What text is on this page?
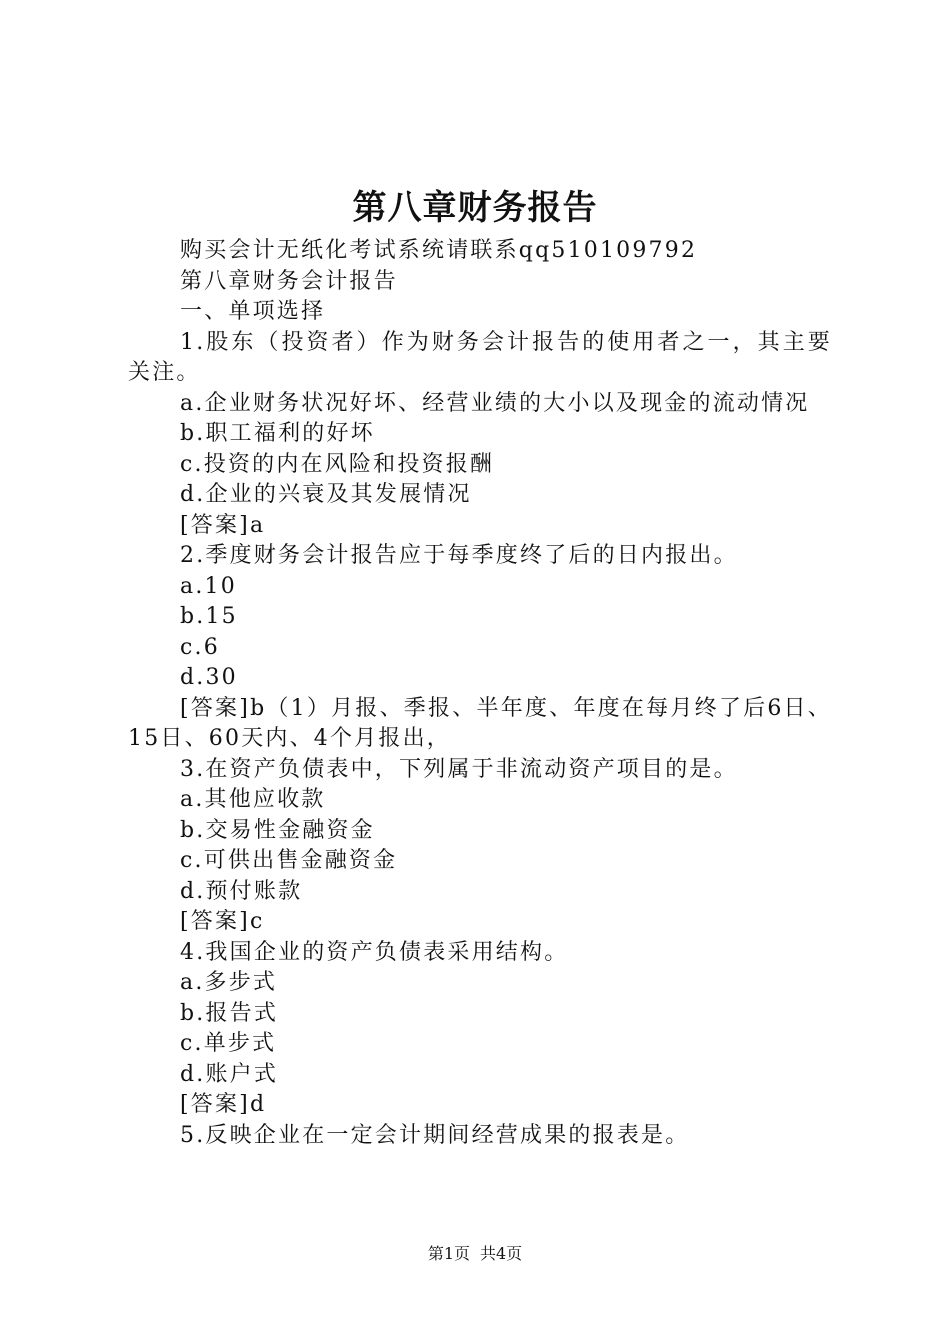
第八章财务报告

购买会计无纸化考试系统请联系qq510109792

第八章财务会计报告

一、单项选择

1.股东（投资者）作为财务会计报告的使用者之一，其主要关注。

a.企业财务状况好坏、经营业绩的大小以及现金的流动情况

b.职工福利的好坏

c.投资的内在风险和投资报酬

d.企业的兴衰及其发展情况

[答案]a

2.季度财务会计报告应于每季度终了后的日内报出。

a.10

b.15

c.6

d.30

[答案]b（1）月报、季报、半年度、年度在每月终了后6日、15日、60天内、4个月报出，

3.在资产负债表中，下列属于非流动资产项目的是。

a.其他应收款

b.交易性金融资金

c.可供出售金融资金

d.预付账款

[答案]c

4.我国企业的资产负债表采用结构。

a.多步式

b.报告式

c.单步式

d.账户式

[答案]d

5.反映企业在一定会计期间经营成果的报表是。

第1页 共4页
